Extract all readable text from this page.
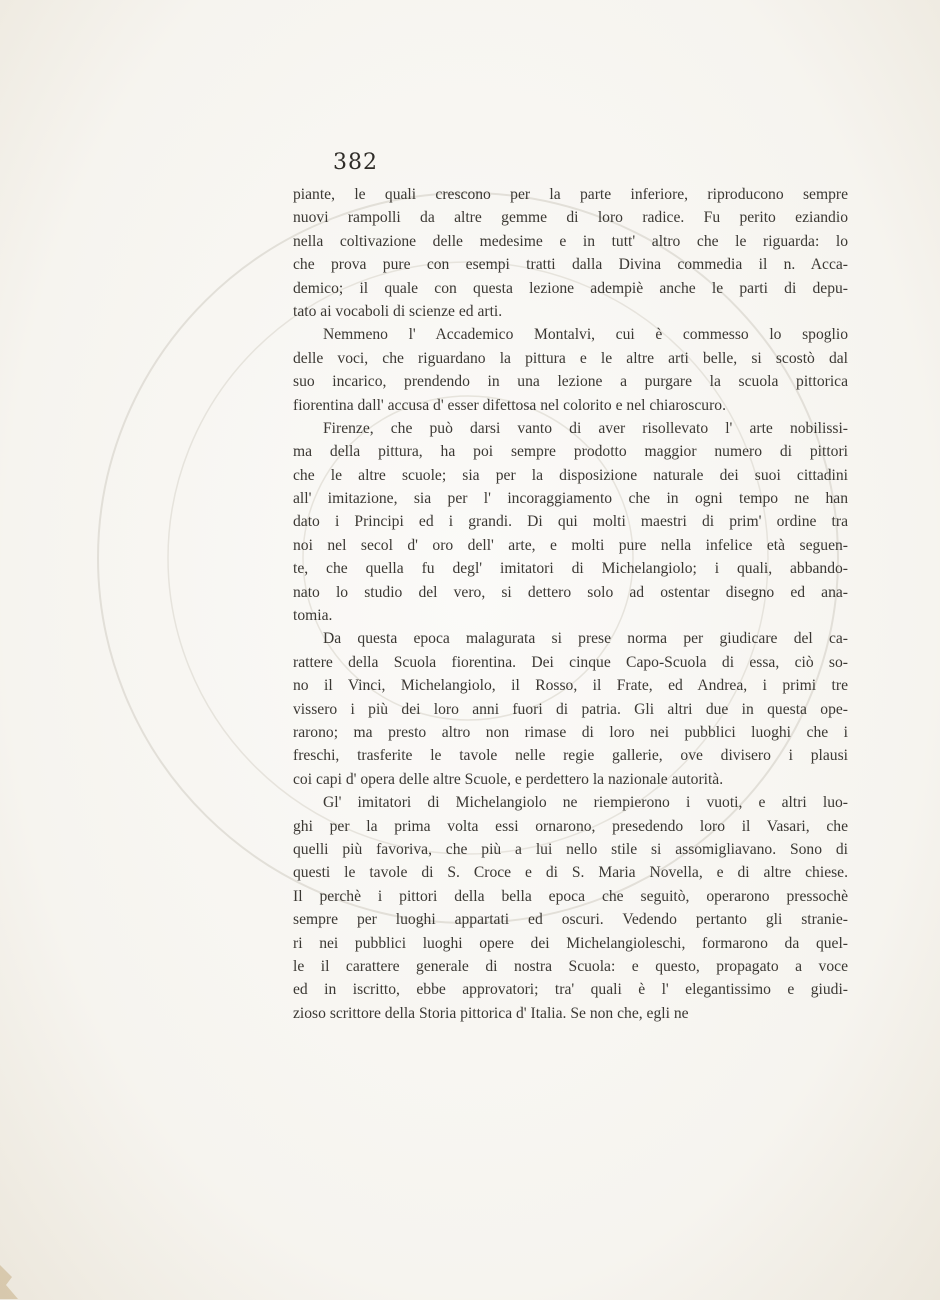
382
piante, le quali crescono per la parte inferiore, riproducono sempre
nuovi rampolli da altre gemme di loro radice. Fu perito eziandio
nella coltivazione delle medesime e in tutt' altro che le riguarda: lo
che prova pure con esempi tratti dalla Divina commedia il n. Acca-
demico; il quale con questa lezione adempiè anche le parti di depu-
tato ai vocaboli di scienze ed arti.
Nemmeno l' Accademico Montalvi, cui è commesso lo spoglio
delle voci, che riguardano la pittura e le altre arti belle, si scostò dal
suo incarico, prendendo in una lezione a purgare la scuola pittorica
fiorentina dall' accusa d' esser difettosa nel colorito e nel chiaroscuro.
Firenze, che può darsi vanto di aver risollevato l' arte nobilissi-
ma della pittura, ha poi sempre prodotto maggior numero di pittori
che le altre scuole; sia per la disposizione naturale dei suoi cittadini
all' imitazione, sia per l' incoraggiamento che in ogni tempo ne han
dato i Principi ed i grandi. Di qui molti maestri di prim' ordine tra
noi nel secol d' oro dell' arte, e molti pure nella infelice età seguen-
te, che quella fu degl' imitatori di Michelangiolo; i quali, abbando-
nato lo studio del vero, si dettero solo ad ostentar disegno ed ana-
tomia.
Da questa epoca malagurata si prese norma per giudicare del ca-
rattere della Scuola fiorentina. Dei cinque Capo-Scuola di essa, ciò so-
no il Vinci, Michelangiolo, il Rosso, il Frate, ed Andrea, i primi tre
vissero i più dei loro anni fuori di patria. Gli altri due in questa ope-
rarono; ma presto altro non rimase di loro nei pubblici luoghi che i
freschi, trasferite le tavole nelle regie gallerie, ove divisero i plausi
coi capi d' opera delle altre Scuole, e perdettero la nazionale autorità.
Gl' imitatori di Michelangiolo ne riempierono i vuoti, e altri luo-
ghi per la prima volta essi ornarono, presedendo loro il Vasari, che
quelli più favoriva, che più a lui nello stile si assomigliavano. Sono di
questi le tavole di S. Croce e di S. Maria Novella, e di altre chiese.
Il perchè i pittori della bella epoca che seguitò, operarono pressochè
sempre per luoghi appartati ed oscuri. Vedendo pertanto gli stranie-
ri nei pubblici luoghi opere dei Michelangioleschi, formarono da quel-
le il carattere generale di nostra Scuola: e questo, propagato a voce
ed in iscritto, ebbe approvatori; tra' quali è l' elegantissimo e giudi-
zioso scrittore della Storia pittorica d' Italia. Se non che, egli ne
